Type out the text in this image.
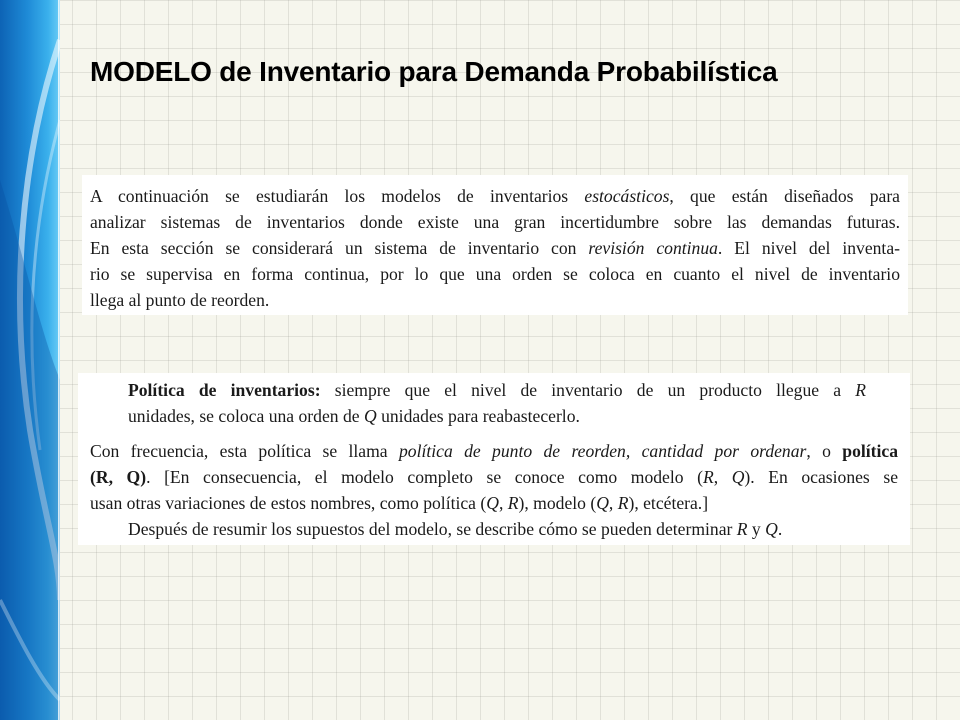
MODELO de Inventario para Demanda Probabilística
A continuación se estudiarán los modelos de inventarios estocásticos, que están diseñados para
analizar sistemas de inventarios donde existe una gran incertidumbre sobre las demandas futuras.
En esta sección se considerará un sistema de inventario con revisión continua. El nivel del inventa-
rio se supervisa en forma continua, por lo que una orden se coloca en cuanto el nivel de inventario
llega al punto de reorden.
Política de inventarios: siempre que el nivel de inventario de un producto llegue a R
unidades, se coloca una orden de Q unidades para reabastecerlo.
Con frecuencia, esta política se llama política de punto de reorden, cantidad por ordenar, o política
(R, Q). [En consecuencia, el modelo completo se conoce como modelo (R, Q). En ocasiones se
usan otras variaciones de estos nombres, como política (Q, R), modelo (Q, R), etcétera.]
Después de resumir los supuestos del modelo, se describe cómo se pueden determinar R y Q.
